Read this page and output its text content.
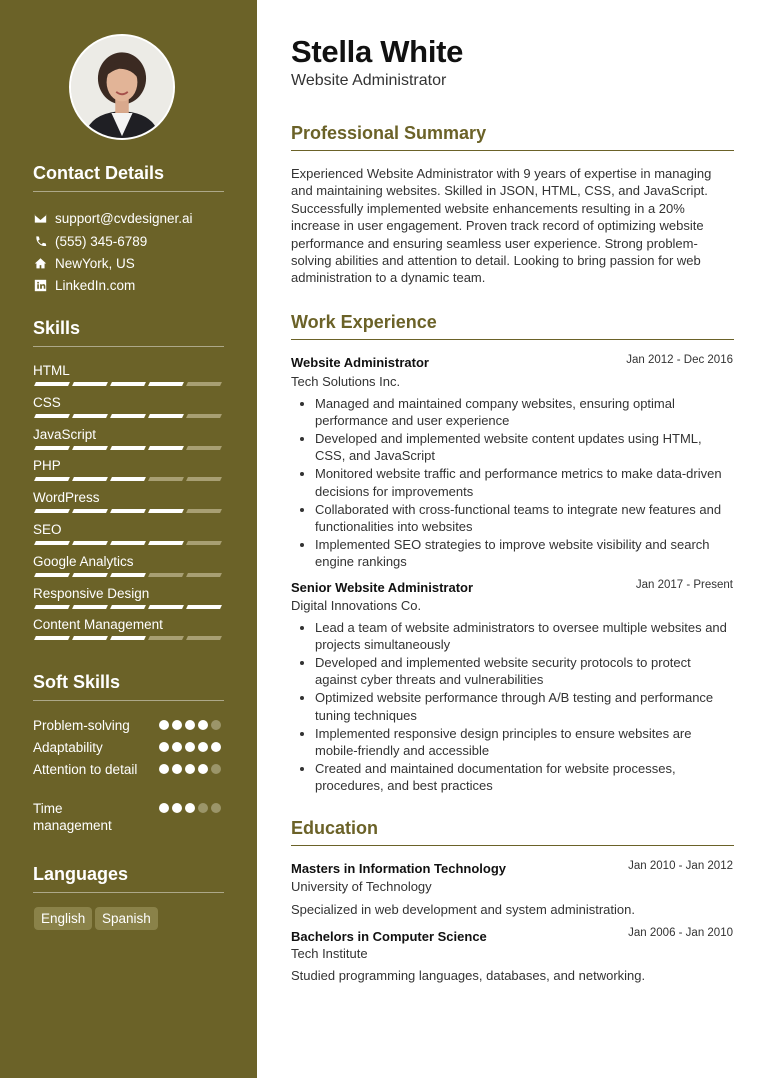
Contact Details
support@cvdesigner.ai
(555) 345-6789
NewYork, US
LinkedIn.com
Skills
HTML
CSS
JavaScript
PHP
WordPress
SEO
Google Analytics
Responsive Design
Content Management
Soft Skills
Problem-solving
Adaptability
Attention to detail
Time management
Languages
English	Spanish
Stella White
Website Administrator
Professional Summary
Experienced Website Administrator with 9 years of expertise in managing and maintaining websites. Skilled in JSON, HTML, CSS, and JavaScript. Successfully implemented website enhancements resulting in a 20% increase in user engagement. Proven track record of optimizing website performance and ensuring seamless user experience. Strong problem-solving abilities and attention to detail. Looking to bring passion for web administration to a dynamic team.
Work Experience
Website Administrator	Jan 2012 - Dec 2016
Tech Solutions Inc.
Managed and maintained company websites, ensuring optimal performance and user experience
Developed and implemented website content updates using HTML, CSS, and JavaScript
Monitored website traffic and performance metrics to make data-driven decisions for improvements
Collaborated with cross-functional teams to integrate new features and functionalities into websites
Implemented SEO strategies to improve website visibility and search engine rankings
Senior Website Administrator	Jan 2017 - Present
Digital Innovations Co.
Lead a team of website administrators to oversee multiple websites and projects simultaneously
Developed and implemented website security protocols to protect against cyber threats and vulnerabilities
Optimized website performance through A/B testing and performance tuning techniques
Implemented responsive design principles to ensure websites are mobile-friendly and accessible
Created and maintained documentation for website processes, procedures, and best practices
Education
Masters in Information Technology	Jan 2010 - Jan 2012
University of Technology
Specialized in web development and system administration.
Bachelors in Computer Science	Jan 2006 - Jan 2010
Tech Institute
Studied programming languages, databases, and networking.
